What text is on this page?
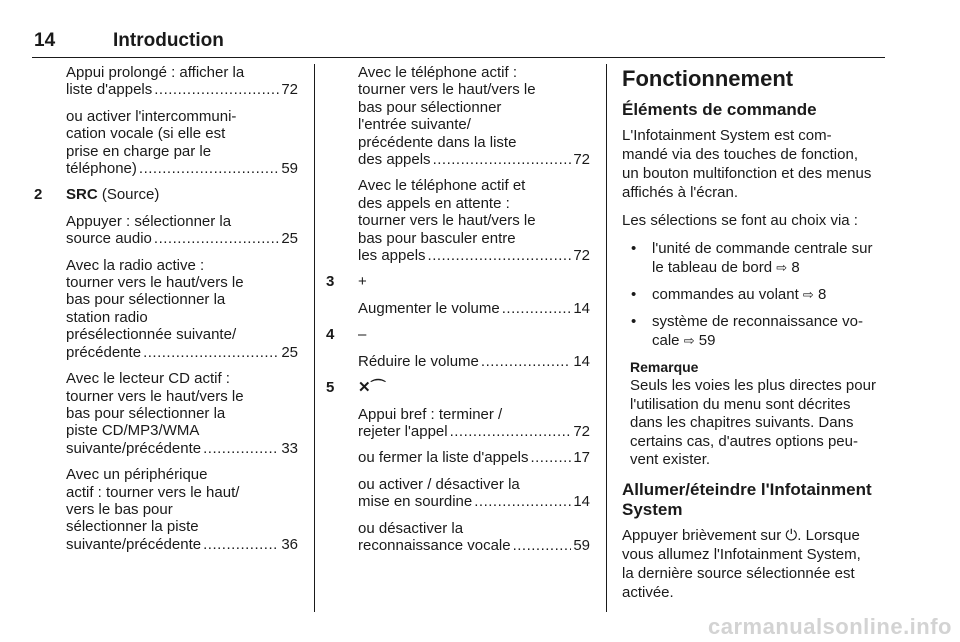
14	Introduction

Appui prolongé : afficher la
liste d'appels .....	72

ou activer l'intercommuni-
cation vocale (si elle est
prise en charge par le
téléphone) .....	59

2 SRC (Source)

Appuyer : sélectionner la
source audio .....	25

Avec la radio active :
tourner vers le haut/vers le
bas pour sélectionner la
station radio
présélectionnée suivante/
précédente .....	25

Avec le lecteur CD actif :
tourner vers le haut/vers le
bas pour sélectionner la
piste CD/MP3/WMA
suivante/précédente .....	33

Avec un périphérique
actif : tourner vers le haut/
vers le bas pour
sélectionner la piste
suivante/précédente .....	36

Avec le téléphone actif :
tourner vers le haut/vers le
bas pour sélectionner
l'entrée suivante/
précédente dans la liste
des appels .....	72

Avec le téléphone actif et
des appels en attente :
tourner vers le haut/vers le
bas pour basculer entre
les appels .....	72

3 +

Augmenter le volume .....	14

4 –

Réduire le volume .....	14

5 ✕⌒

Appui bref : terminer /
rejeter l'appel .....	72

ou fermer la liste d'appels .....	17

ou activer / désactiver la
mise en sourdine .....	14

ou désactiver la
reconnaissance vocale .....	59

Fonctionnement
Éléments de commande

L'Infotainment System est com-
mandé via des touches de fonction,
un bouton multifonction et des menus
affichés à l'écran.

Les sélections se font au choix via :

• l'unité de commande centrale sur
le tableau de bord ⇨ 8
• commandes au volant ⇨ 8
• système de reconnaissance vo-
cale ⇨ 59
Remarque
Seuls les voies les plus directes pour
l'utilisation du menu sont décrites
dans les chapitres suivants. Dans
certains cas, d'autres options peu-
vent exister.
Allumer/éteindre l'Infotainment
System

Appuyer brièvement sur ⏻. Lorsque
vous allumez l'Infotainment System,
la dernière source sélectionnée est
activée.

carmanualsonline.info
